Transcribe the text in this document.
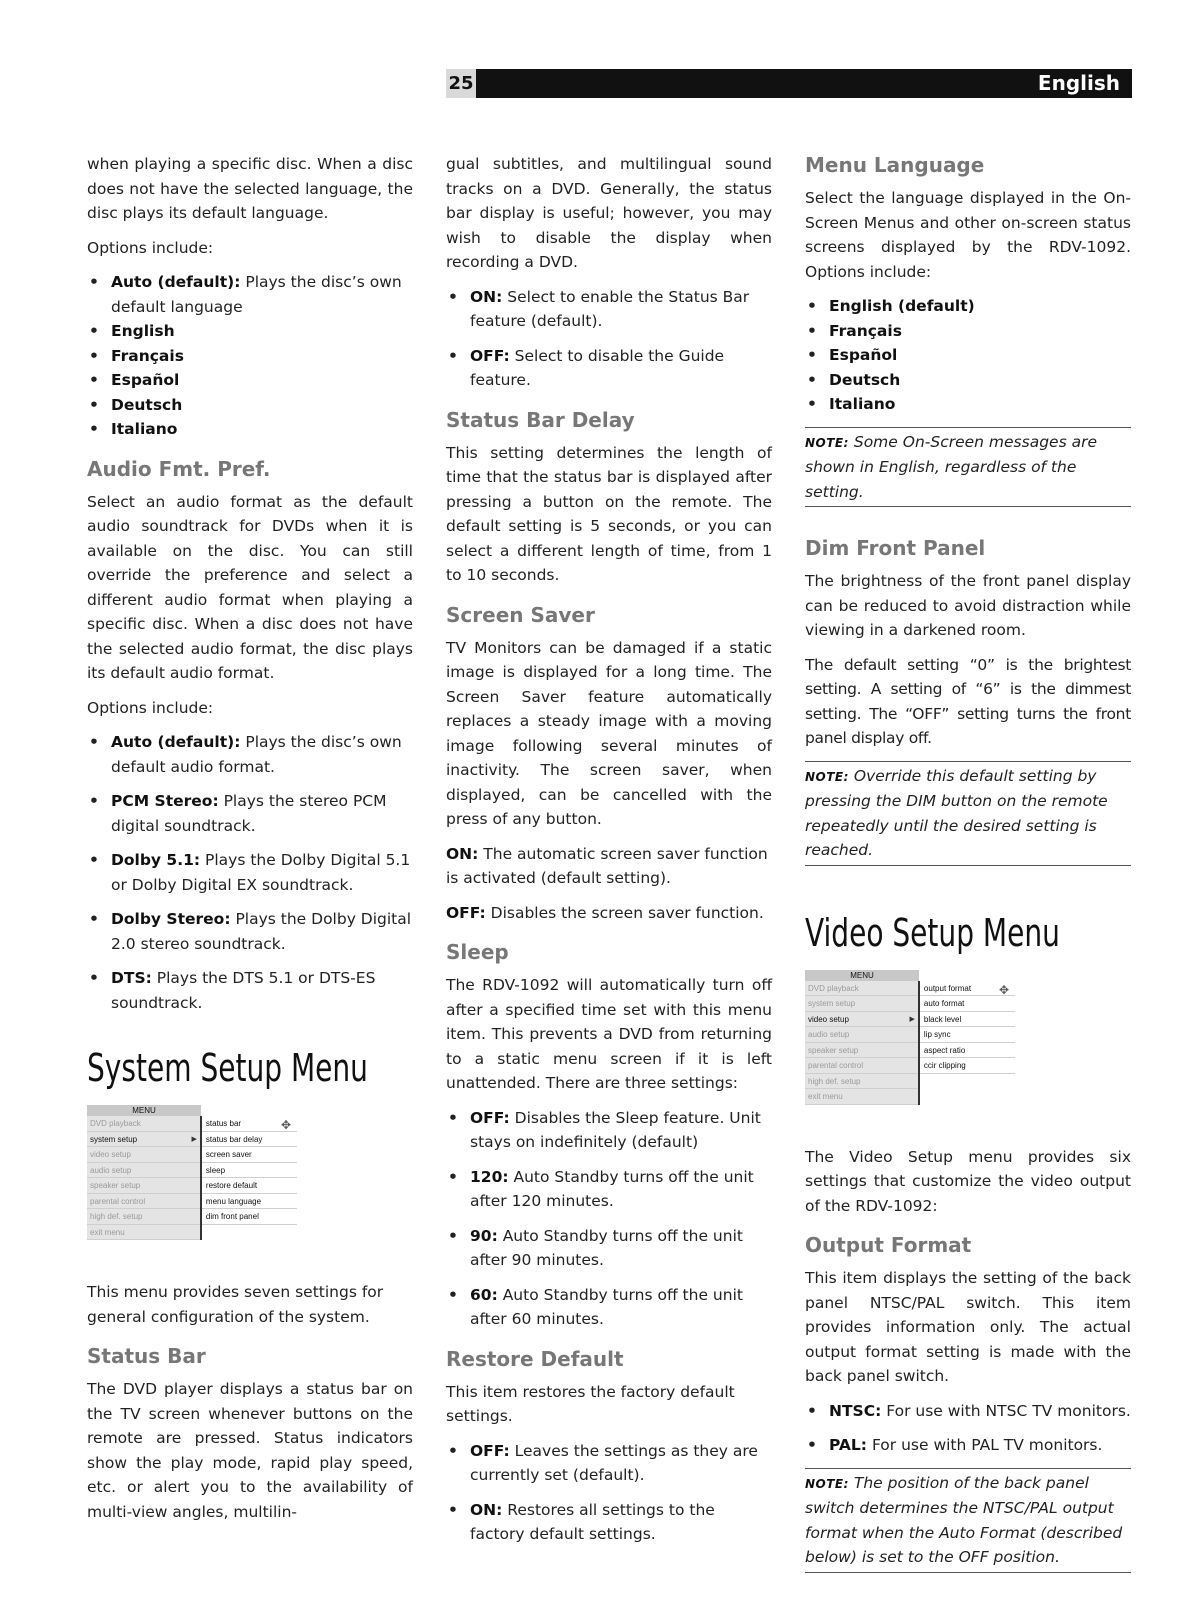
25	English

when playing a specific disc. When a disc does not have the selected language, the disc plays its default language.

Options include:

• Auto (default): Plays the disc’s own default language
• English
• Français
• Español
• Deutsch
• Italiano
Audio Fmt. Pref.

Select an audio format as the default audio soundtrack for DVDs when it is available on the disc. You can still override the preference and select a different audio format when playing a specific disc. When a disc does not have the selected audio format, the disc plays its default audio format.

Options include:

• Auto (default): Plays the disc’s own default audio format.
• PCM Stereo: Plays the stereo PCM digital soundtrack.
• Dolby 5.1: Plays the Dolby Digital 5.1 or Dolby Digital EX soundtrack.
• Dolby Stereo: Plays the Dolby Digital 2.0 stereo soundtrack.
• DTS: Plays the DTS 5.1 or DTS-ES soundtrack.
System Setup Menu
MENU
✥
DVD playback
system setup	▶
video setup
audio setup
speaker setup
parental control
high def. setup
exit menu
status bar
status bar delay
screen saver
sleep
restore default
menu language
dim front panel

This menu provides seven settings for general configuration of the system.

Status Bar

The DVD player displays a status bar on the TV screen whenever buttons on the remote are pressed. Status indicators show the play mode, rapid play speed, etc. or alert you to the availability of multi-view angles, multilin-

gual subtitles, and multilingual sound tracks on a DVD. Generally, the status bar display is useful; however, you may wish to disable the display when recording a DVD.

• ON: Select to enable the Status Bar feature (default).
• OFF: Select to disable the Guide feature.
Status Bar Delay

This setting determines the length of time that the status bar is displayed after pressing a button on the remote. The default setting is 5 seconds, or you can select a different length of time, from 1 to 10 seconds.

Screen Saver

TV Monitors can be damaged if a static image is displayed for a long time. The Screen Saver feature automatically replaces a steady image with a moving image following several minutes of inactivity. The screen saver, when displayed, can be cancelled with the press of any button.

ON: The automatic screen saver function is activated (default setting).

OFF: Disables the screen saver function.

Sleep

The RDV-1092 will automatically turn off after a specified time set with this menu item. This prevents a DVD from returning to a static menu screen if it is left unattended. There are three settings:

• OFF: Disables the Sleep feature. Unit stays on indefinitely (default)
• 120: Auto Standby turns off the unit after 120 minutes.
• 90: Auto Standby turns off the unit after 90 minutes.
• 60: Auto Standby turns off the unit after 60 minutes.
Restore Default

This item restores the factory default settings.

• OFF: Leaves the settings as they are currently set (default).
• ON: Restores all settings to the factory default settings.
Menu Language

Select the language displayed in the On-Screen Menus and other on-screen status screens displayed by the RDV-1092. Options include:

• English (default)
• Français
• Español
• Deutsch
• Italiano
NOTE: Some On-Screen messages are shown in English, regardless of the setting.
Dim Front Panel

The brightness of the front panel display can be reduced to avoid distraction while viewing in a darkened room.

The default setting “0” is the brightest setting. A setting of “6” is the dimmest setting. The “OFF” setting turns the front panel display off.

NOTE: Override this default setting by pressing the DIM button on the remote repeatedly until the desired setting is reached.
Video Setup Menu
MENU
✥
DVD playback
system setup
video setup	▶
audio setup
speaker setup
parental control
high def. setup
exit menu
output format
auto format
black level
lip sync
aspect ratio
ccir clipping

The Video Setup menu provides six settings that customize the video output of the RDV-1092:

Output Format

This item displays the setting of the back panel NTSC/PAL switch. This item provides information only. The actual output format setting is made with the back panel switch.

• NTSC: For use with NTSC TV monitors.
• PAL: For use with PAL TV monitors.
NOTE: The position of the back panel switch determines the NTSC/PAL output format when the Auto Format (described below) is set to the OFF position.
